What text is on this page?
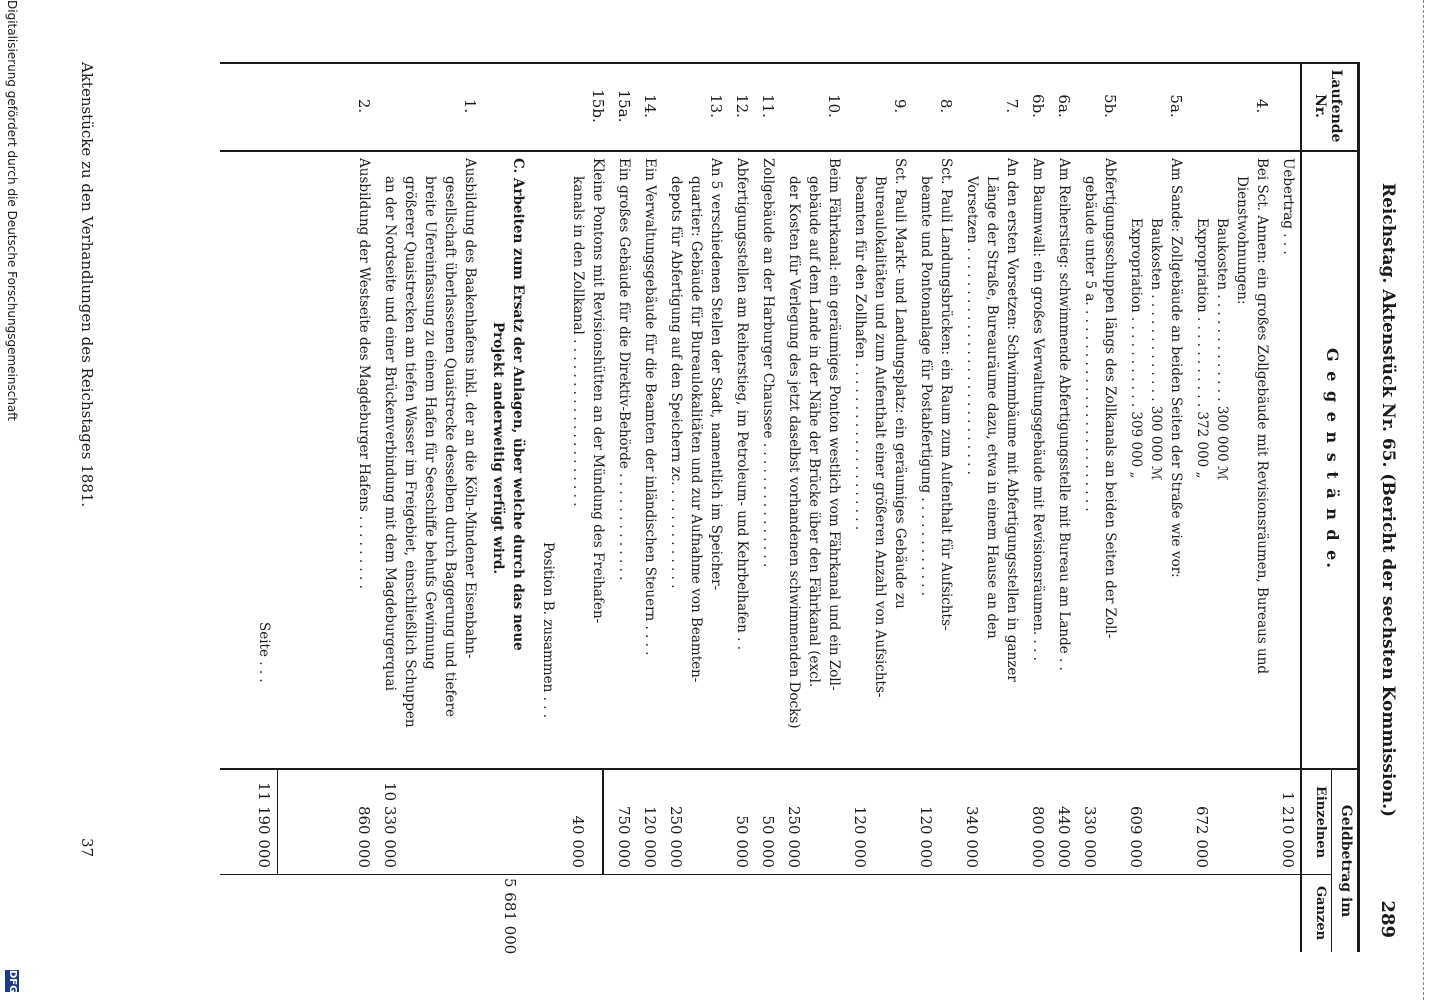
Reichstag. Aktenstück Nr. 65. (Bericht der sechsten Kommission.)
289
Laufende Nr.
G e g e n s t ä n d e.
Geldbetrag im
Einzelnen
Ganzen
Uebertrag . . .
1 210 000
4.
Bei Sct. Annen: ein großes Zollgebäude mit Revisionsräumen, Bureaus und
Dienstwohnungen:
Baukosten . . . . . . . . . . . . . 300 000 ℳ
Expropriation . . . . . . . . . . . 372 000 „
672 000
5a.
Am Sande: Zollgebäude an beiden Seiten der Straße wie vor:
Baukosten . . . . . . . . . . . . . 300 000 ℳ
Expropriation . . . . . . . . . . . 309 000 „
609 000
5b.
Abfertigungsschuppen längs des Zollkanals an beiden Seiten der Zoll-
gebäude unter 5 a. . . . . . . . . . . . . . . . . . . . . . . . .
330 000
6a.
Am Reiherstieg: schwimmende Abfertigungsstelle mit Bureau am Lande . .
440 000
6b.
Am Baumwall: ein großes Verwaltungsgebäude mit Revisionsräumen. . . .
800 000
7.
An den ersten Vorsetzen: Schwimmbäume mit Abfertigungsstellen in ganzer
Länge der Straße, Bureauräume dazu, etwa in einem Hause an den
Vorsetzen . . . . . . . . . . . . . . . . . . . . . . . . . . .
340 000
8.
Sct. Pauli Landungsbrücken: ein Raum zum Aufenthalt für Aufsichts-
beamte und Pontonanlage für Postabfertigung . . . . . . . . . . . .
120 000
9.
Sct. Pauli Markt- und Landungsplatz: ein geräumiges Gebäude zu
Bureaulokalitäten und zum Aufenthalt einer größeren Anzahl von Aufsichts-
beamten für den Zollhafen . . . . . . . . . . . . . . . . . . . .
120 000
10.
Beim Fährkanal: ein geräumiges Ponton westlich vom Fährkanal und ein Zoll-
gebäude auf dem Lande in der Nähe der Brücke über den Fährkanal (excl.
der Kosten für Verlegung des jetzt daselbst vorhandenen schwimmenden Docks)
250 000
11.
Zollgebäude an der Harburger Chaussee . . . . . . . . . . . . . . .
50 000
12.
Abfertigungsstellen am Reiherstieg, im Petroleum- und Kehrbelhafen . .
50 000
13.
An 5 verschiedenen Stellen der Stadt, namentlich im Speicher-
quartier: Gebäude für Bureaulokalitäten und zur Aufnahme von Beamten-
depots für Abfertigung auf den Speichern zc. . . . . . . . . . . . .
250 000
14.
Ein Verwaltungsgebäude für die Beamten der inländischen Steuern . . . .
120 000
15a.
Ein großes Gebäude für die Direktiv-Behörde . . . . . . . . . . . . .
750 000
15b.
Kleine Pontons mit Revisionshütten an der Mündung des Freihafen-
kanals in den Zollkanal . . . . . . . . . . . . . . . . . . . .
40 000
Position B. zusammen . . .
5 681 000
C. Arbeiten zum Ersatz der Anlagen, über welche durch das neue
Projekt anderweitig verfügt wird.
1.
Ausbildung des Baakenhafens inkl. der an die Köln-Mindener Eisenbahn-
gesellschaft überlassenen Quaistrecke desselben durch Baggerung und tiefere
breite Ufereinfassung zu einem Hafen für Seeschiffe behufs Gewinnung
größerer Quaistrecken am tiefen Wasser im Freigebiet, einschließlich Schuppen
an der Nordseite und einer Brückenverbindung mit dem Magdeburgerquai
10 330 000
2.
Ausbildung der Westseite des Magdeburger Hafens . . . . . . . . .
860 000
Seite . . .
11 190 000
Aktenstücke zu den Verhandlungen des Reichstages 1881.
37
Digitalisierung gefördert durch die Deutsche Forschungsgemeinschaft
DFG
